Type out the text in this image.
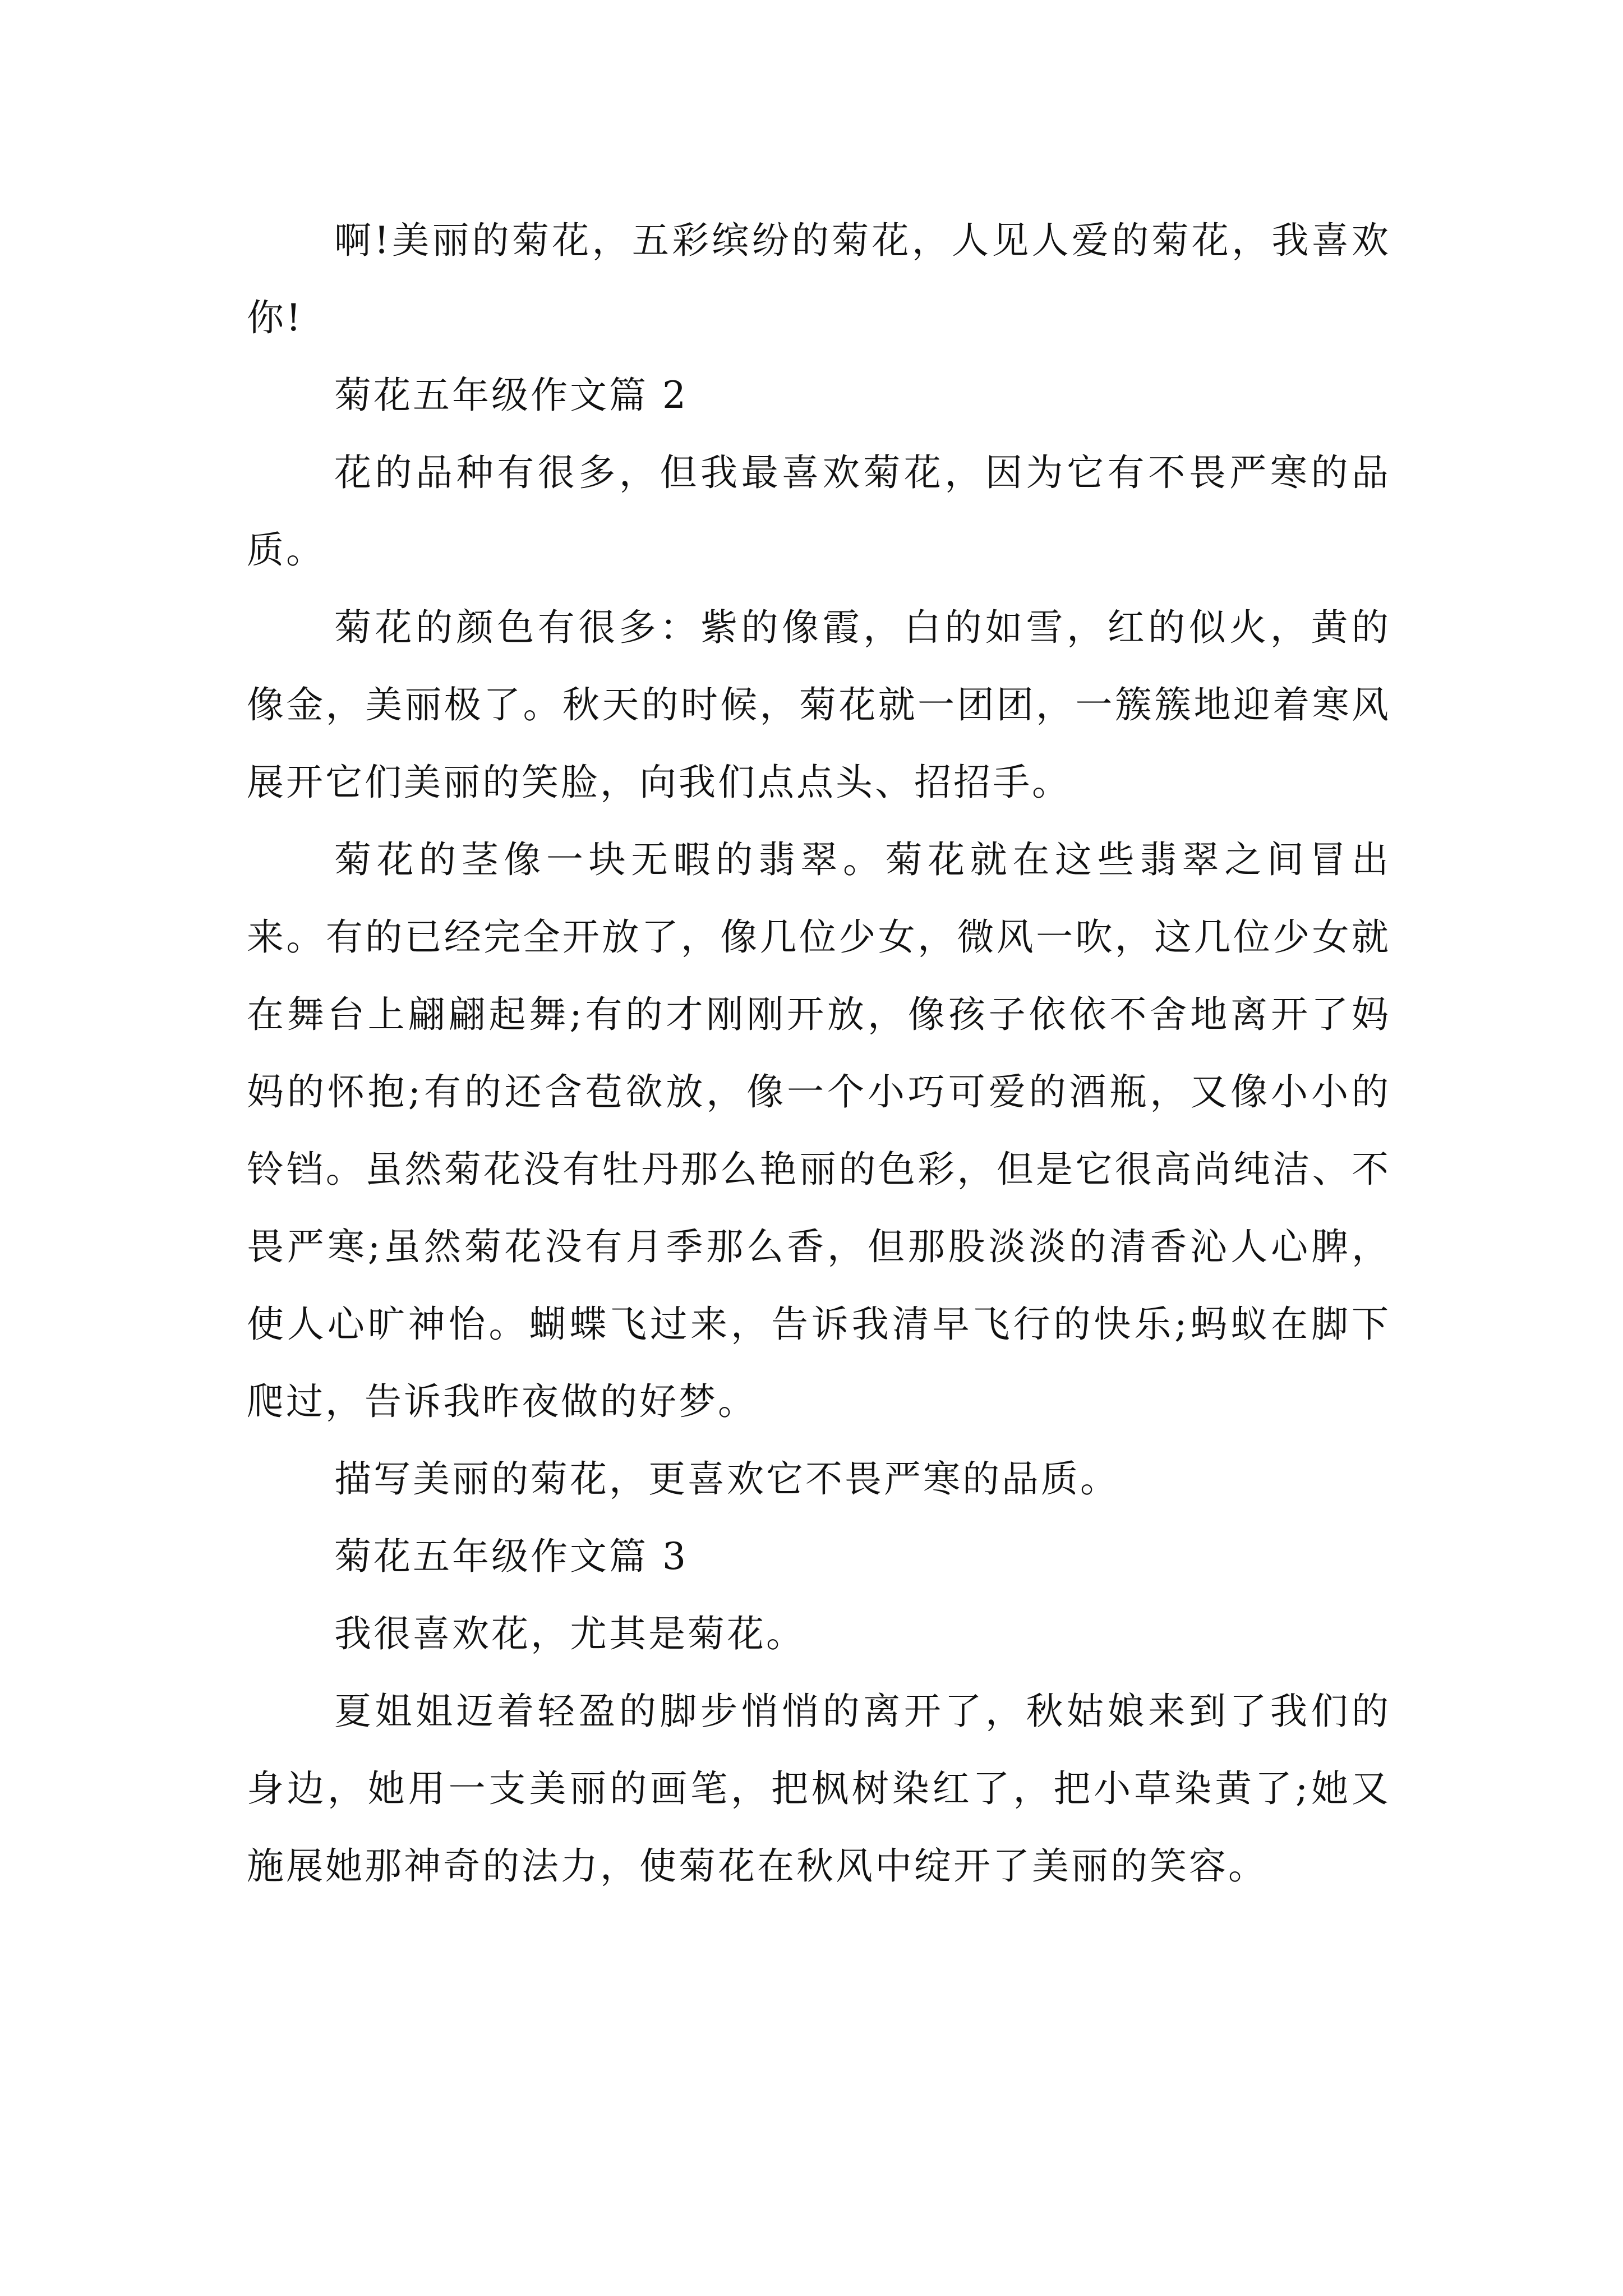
啊!美丽的菊花，五彩缤纷的菊花，人见人爱的菊花，我喜欢你!

菊花五年级作文篇 2

花的品种有很多，但我最喜欢菊花，因为它有不畏严寒的品质。

菊花的颜色有很多：紫的像霞，白的如雪，红的似火，黄的像金，美丽极了。秋天的时候，菊花就一团团，一簇簇地迎着寒风展开它们美丽的笑脸，向我们点点头、招招手。

菊花的茎像一块无暇的翡翠。菊花就在这些翡翠之间冒出来。有的已经完全开放了，像几位少女，微风一吹，这几位少女就在舞台上翩翩起舞;有的才刚刚开放，像孩子依依不舍地离开了妈妈的怀抱;有的还含苞欲放，像一个小巧可爱的酒瓶，又像小小的铃铛。虽然菊花没有牡丹那么艳丽的色彩，但是它很高尚纯洁、不畏严寒;虽然菊花没有月季那么香，但那股淡淡的清香沁人心脾，使人心旷神怡。蝴蝶飞过来，告诉我清早飞行的快乐;蚂蚁在脚下爬过，告诉我昨夜做的好梦。

描写美丽的菊花，更喜欢它不畏严寒的品质。

菊花五年级作文篇 3

我很喜欢花，尤其是菊花。

夏姐姐迈着轻盈的脚步悄悄的离开了，秋姑娘来到了我们的身边，她用一支美丽的画笔，把枫树染红了，把小草染黄了;她又施展她那神奇的法力，使菊花在秋风中绽开了美丽的笑容。
